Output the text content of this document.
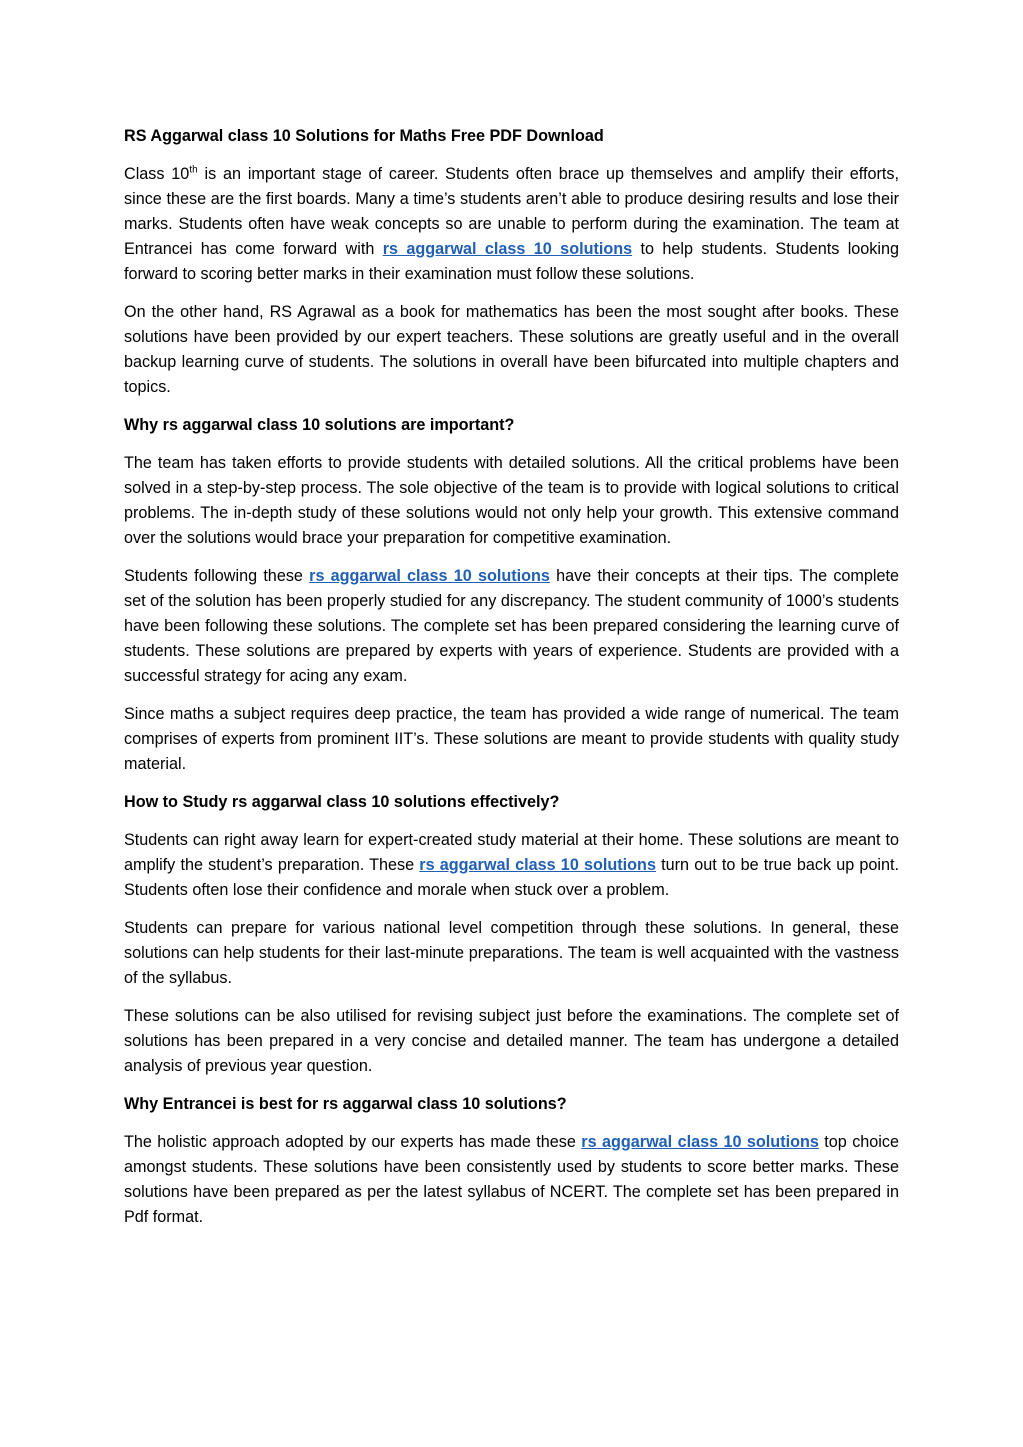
RS Aggarwal class 10 Solutions for Maths Free PDF Download

Class 10th is an important stage of career. Students often brace up themselves and amplify their efforts, since these are the first boards. Many a time’s students aren’t able to produce desiring results and lose their marks. Students often have weak concepts so are unable to perform during the examination. The team at Entrancei has come forward with rs aggarwal class 10 solutions to help students. Students looking forward to scoring better marks in their examination must follow these solutions.

On the other hand, RS Agrawal as a book for mathematics has been the most sought after books. These solutions have been provided by our expert teachers. These solutions are greatly useful and in the overall backup learning curve of students. The solutions in overall have been bifurcated into multiple chapters and topics.

Why rs aggarwal class 10 solutions are important?

The team has taken efforts to provide students with detailed solutions. All the critical problems have been solved in a step-by-step process. The sole objective of the team is to provide with logical solutions to critical problems. The in-depth study of these solutions would not only help your growth. This extensive command over the solutions would brace your preparation for competitive examination.

Students following these rs aggarwal class 10 solutions have their concepts at their tips. The complete set of the solution has been properly studied for any discrepancy. The student community of 1000’s students have been following these solutions. The complete set has been prepared considering the learning curve of students. These solutions are prepared by experts with years of experience. Students are provided with a successful strategy for acing any exam.

Since maths a subject requires deep practice, the team has provided a wide range of numerical. The team comprises of experts from prominent IIT’s. These solutions are meant to provide students with quality study material.

How to Study rs aggarwal class 10 solutions effectively?

Students can right away learn for expert-created study material at their home. These solutions are meant to amplify the student’s preparation. These rs aggarwal class 10 solutions turn out to be true back up point. Students often lose their confidence and morale when stuck over a problem.

Students can prepare for various national level competition through these solutions. In general, these solutions can help students for their last-minute preparations. The team is well acquainted with the vastness of the syllabus.

These solutions can be also utilised for revising subject just before the examinations. The complete set of solutions has been prepared in a very concise and detailed manner. The team has undergone a detailed analysis of previous year question.

Why Entrancei is best for rs aggarwal class 10 solutions?

The holistic approach adopted by our experts has made these rs aggarwal class 10 solutions top choice amongst students. These solutions have been consistently used by students to score better marks. These solutions have been prepared as per the latest syllabus of NCERT. The complete set has been prepared in Pdf format.
